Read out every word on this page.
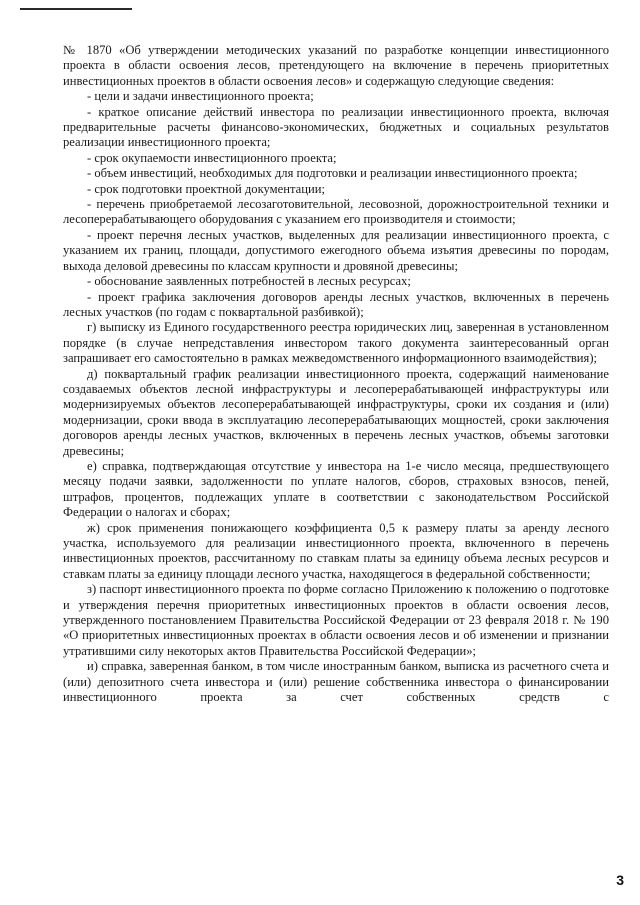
№ 1870 «Об утверждении методических указаний по разработке концепции инвестиционного проекта в области освоения лесов, претендующего на включение в перечень приоритетных инвестиционных проектов в области освоения лесов» и содержащую следующие сведения:

- цели и задачи инвестиционного проекта;

- краткое описание действий инвестора по реализации инвестиционного проекта, включая предварительные расчеты финансово-экономических, бюджетных и социальных результатов реализации инвестиционного проекта;

- срок окупаемости инвестиционного проекта;

- объем инвестиций, необходимых для подготовки и реализации инвестиционного проекта;

- срок подготовки проектной документации;

- перечень приобретаемой лесозаготовительной, лесовозной, дорожностроительной техники и лесоперерабатывающего оборудования с указанием его производителя и стоимости;

- проект перечня лесных участков, выделенных для реализации инвестиционного проекта, с указанием их границ, площади, допустимого ежегодного объема изъятия древесины по породам, выхода деловой древесины по классам крупности и дровяной древесины;

- обоснование заявленных потребностей в лесных ресурсах;

- проект графика заключения договоров аренды лесных участков, включенных в перечень лесных участков (по годам с поквартальной разбивкой);

г) выписку из Единого государственного реестра юридических лиц, заверенная в установленном порядке (в случае непредставления инвестором такого документа заинтересованный орган запрашивает его самостоятельно в рамках межведомственного информационного взаимодействия);

д) поквартальный график реализации инвестиционного проекта, содержащий наименование создаваемых объектов лесной инфраструктуры и лесоперерабатывающей инфраструктуры или модернизируемых объектов лесоперерабатывающей инфраструктуры, сроки их создания и (или) модернизации, сроки ввода в эксплуатацию лесоперерабатывающих мощностей, сроки заключения договоров аренды лесных участков, включенных в перечень лесных участков, объемы заготовки древесины;

е) справка, подтверждающая отсутствие у инвестора на 1-е число месяца, предшествующего месяцу подачи заявки, задолженности по уплате налогов, сборов, страховых взносов, пеней, штрафов, процентов, подлежащих уплате в соответствии с законодательством Российской Федерации о налогах и сборах;

ж) срок применения понижающего коэффициента 0,5 к размеру платы за аренду лесного участка, используемого для реализации инвестиционного проекта, включенного в перечень инвестиционных проектов, рассчитанному по ставкам платы за единицу объема лесных ресурсов и ставкам платы за единицу площади лесного участка, находящегося в федеральной собственности;

з) паспорт инвестиционного проекта по форме согласно Приложению к положению о подготовке и утверждения перечня приоритетных инвестиционных проектов в области освоения лесов, утвержденного постановлением Правительства Российской Федерации от 23 февраля 2018 г. № 190 «О приоритетных инвестиционных проектах в области освоения лесов и об изменении и признании утратившими силу некоторых актов Правительства Российской Федерации»;

и) справка, заверенная банком, в том числе иностранным банком, выписка из расчетного счета и (или) депозитного счета инвестора и (или) решение собственника инвестора о финансировании инвестиционного проекта за счет собственных средств с

3
